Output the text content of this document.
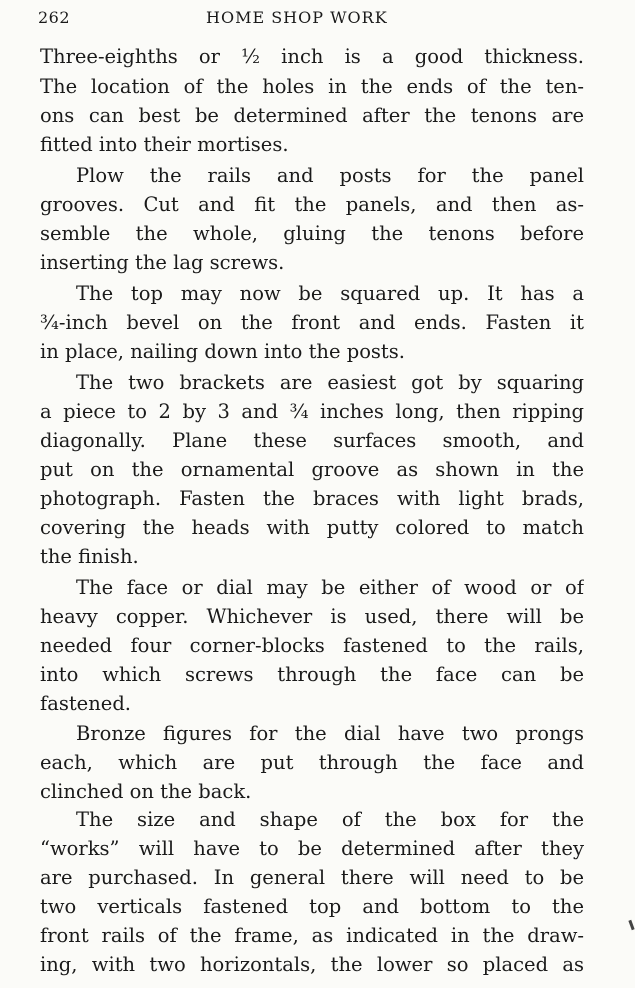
262	HOME SHOP WORK
Three-eighths or ½ inch is a good thickness.
The location of the holes in the ends of the ten-
ons can best be determined after the tenons are
fitted into their mortises.
Plow the rails and posts for the panel
grooves. Cut and fit the panels, and then as-
semble the whole, gluing the tenons before
inserting the lag screws.
The top may now be squared up. It has a
¾-inch bevel on the front and ends. Fasten it
in place, nailing down into the posts.
The two brackets are easiest got by squaring
a piece to 2 by 3 and ¾ inches long, then ripping
diagonally. Plane these surfaces smooth, and
put on the ornamental groove as shown in the
photograph. Fasten the braces with light brads,
covering the heads with putty colored to match
the finish.
The face or dial may be either of wood or of
heavy copper. Whichever is used, there will be
needed four corner-blocks fastened to the rails,
into which screws through the face can be
fastened.
Bronze figures for the dial have two prongs
each, which are put through the face and
clinched on the back.
The size and shape of the box for the
“works” will have to be determined after they
are purchased. In general there will need to be
two verticals fastened top and bottom to the
front rails of the frame, as indicated in the draw-
ing, with two horizontals, the lower so placed as
